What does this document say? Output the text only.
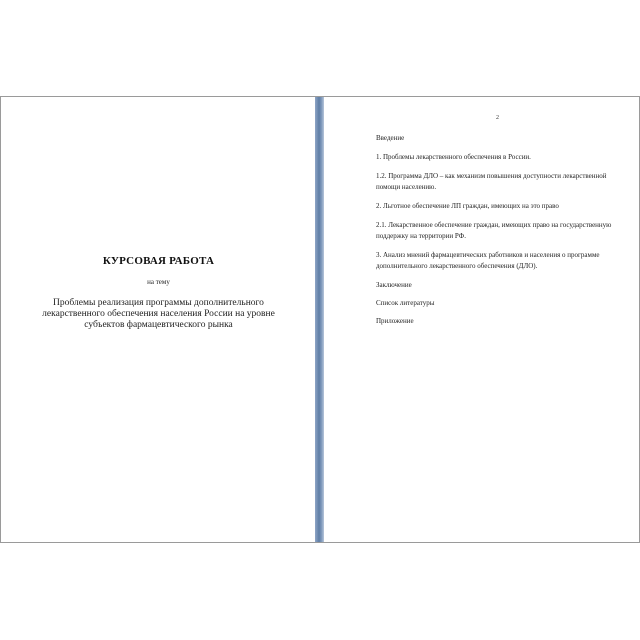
КУРСОВАЯ РАБОТА

на тему

Проблемы реализация программы дополнительного лекарственного обеспечения населения России на уровне субъектов фармацевтического рынка

2

Введение

1. Проблемы лекарственного обеспечения в России.

1.2. Программа ДЛО – как механизм повышения доступности лекарственной помощи населению.

2. Льготное обеспечение ЛП граждан, имеющих на это право

2.1. Лекарственное обеспечение граждан, имеющих право на государственную поддержку на территории РФ.

3. Анализ мнений фармацевтических работников и населения о программе дополнительного лекарственного обеспечения (ДЛО).

Заключение

Список литературы

Приложение
